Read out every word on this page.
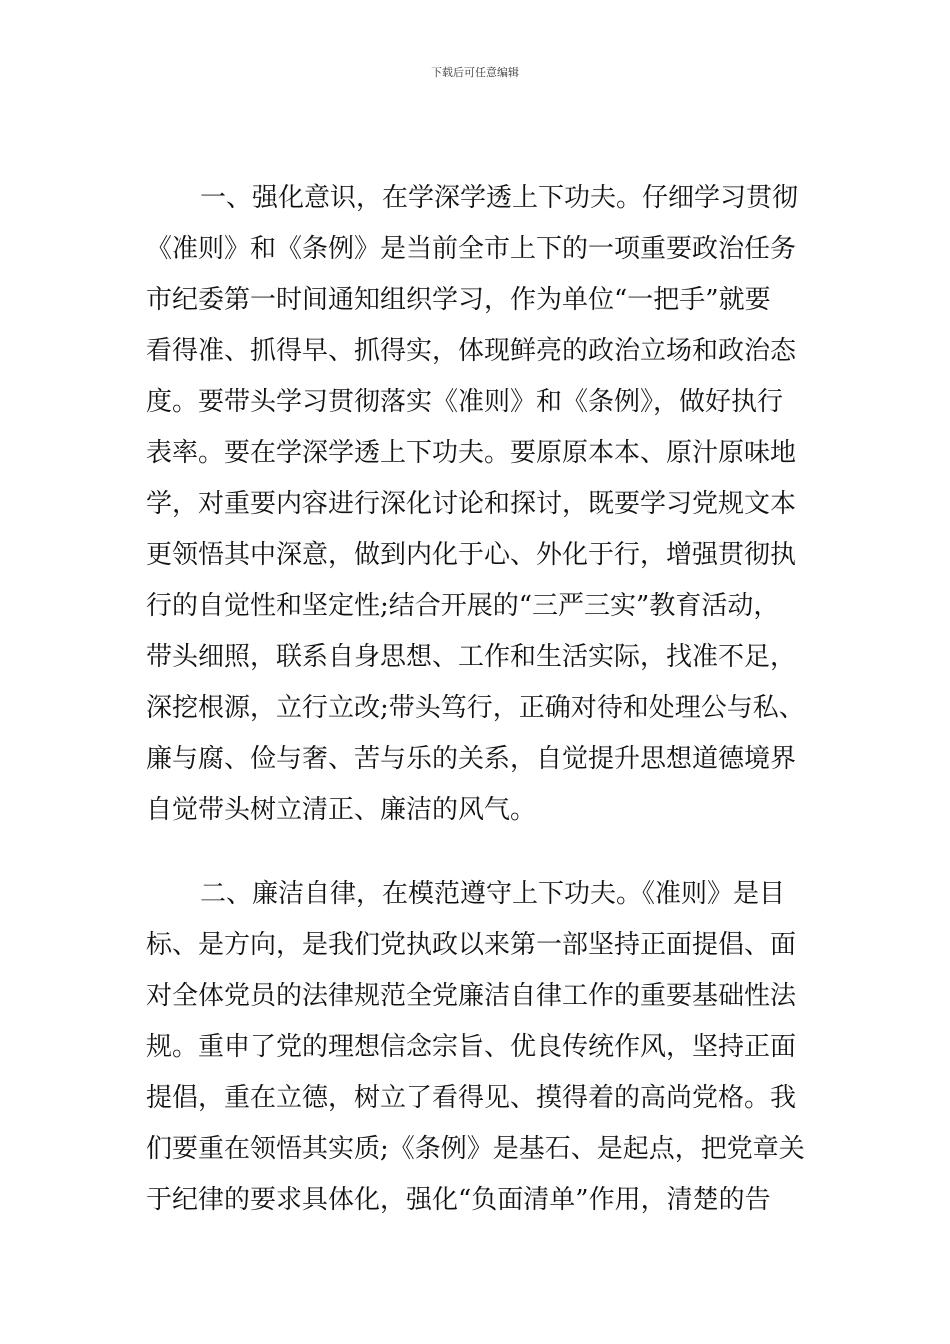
下载后可任意编辑
一、强化意识，在学深学透上下功夫。仔细学习贯彻
《准则》和《条例》是当前全市上下的一项重要政治任务
市纪委第一时间通知组织学习，作为单位“一把手”就要
看得准、抓得早、抓得实，体现鲜亮的政治立场和政治态
度。要带头学习贯彻落实《准则》和《条例》，做好执行
表率。要在学深学透上下功夫。要原原本本、原汁原味地
学，对重要内容进行深化讨论和探讨，既要学习党规文本
更领悟其中深意，做到内化于心、外化于行，增强贯彻执
行的自觉性和坚定性;结合开展的“三严三实”教育活动，
带头细照，联系自身思想、工作和生活实际，找准不足，
深挖根源，立行立改;带头笃行，正确对待和处理公与私、
廉与腐、俭与奢、苦与乐的关系，自觉提升思想道德境界
自觉带头树立清正、廉洁的风气。
二、廉洁自律，在模范遵守上下功夫。《准则》是目
标、是方向，是我们党执政以来第一部坚持正面提倡、面
对全体党员的法律规范全党廉洁自律工作的重要基础性法
规。重申了党的理想信念宗旨、优良传统作风，坚持正面
提倡，重在立德，树立了看得见、摸得着的高尚党格。我
们要重在领悟其实质;《条例》是基石、是起点，把党章关
于纪律的要求具体化，强化“负面清单”作用，清楚的告
